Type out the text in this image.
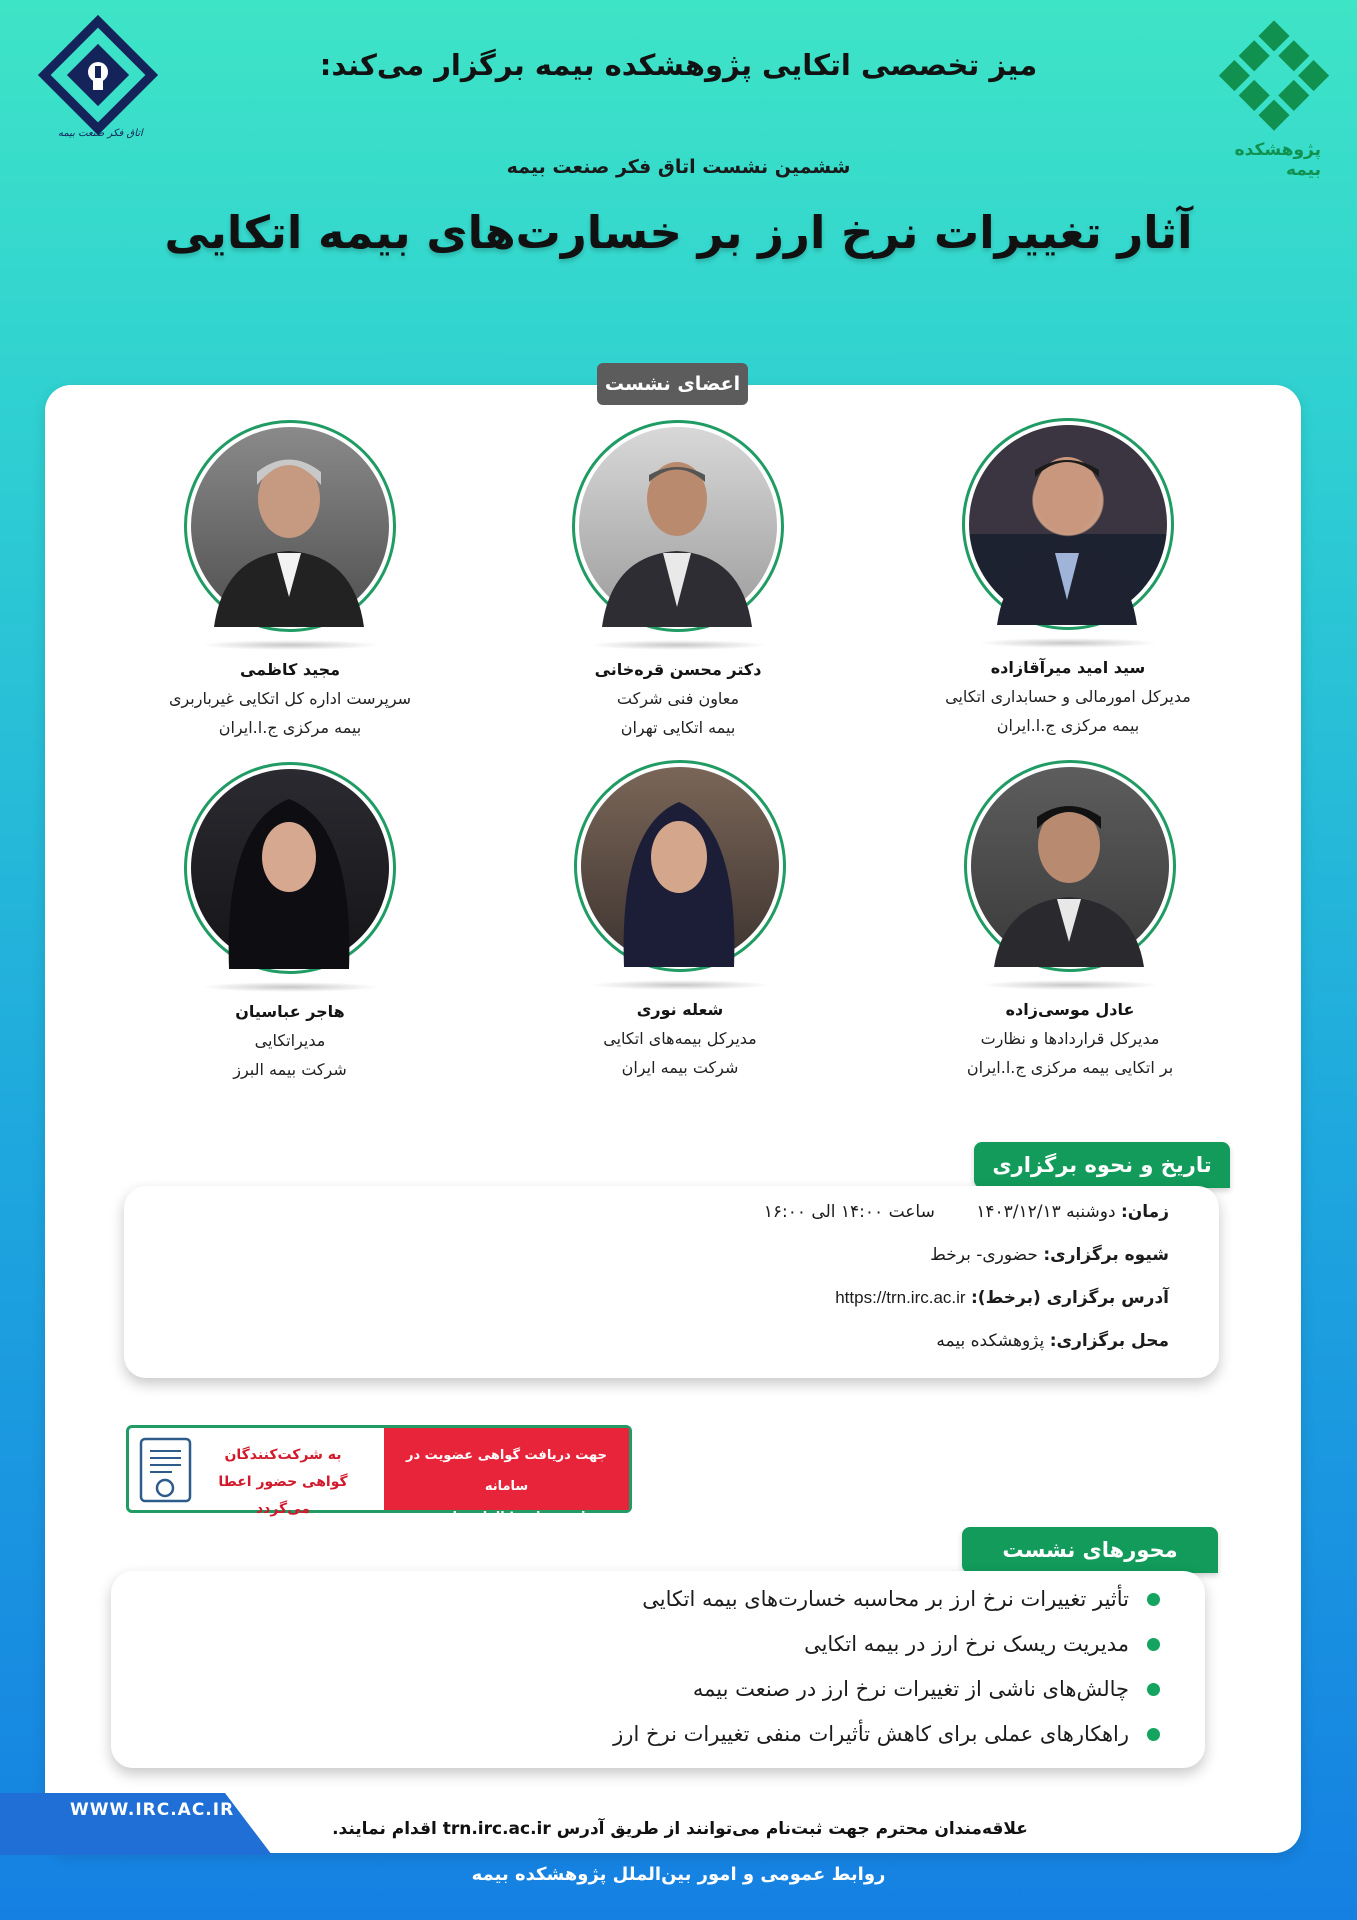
اتاق فکر صنعت بیمه
پژوهشکده بیمه
میز تخصصی اتکایی پژوهشکده بیمه برگزار می‌کند:
ششمین نشست اتاق فکر صنعت بیمه
آثار تغییرات نرخ ارز بر خسارت‌های بیمه اتکایی
اعضای نشست
سید امید میرآقازاده
مدیرکل امورمالی و حسابداری اتکایی
بیمه مرکزی ج.ا.ایران
دکتر محسن قره‌خانی
معاون فنی شرکت
بیمه اتکایی تهران
مجید کاظمی
سرپرست اداره کل اتکایی غیرباربری
بیمه مرکزی ج.ا.ایران
عادل موسی‌زاده
مدیرکل قراردادها و نظارت
بر اتکایی بیمه مرکزی ج.ا.ایران
شعله نوری
مدیرکل بیمه‌های اتکایی
شرکت بیمه ایران
هاجر عباسیان
مدیراتکایی
شرکت بیمه البرز
تاریخ و نحوه برگزاری
زمان: دوشنبه ۱۴۰۳/۱۲/۱۳ ساعت ۱۴:۰۰ الی ۱۶:۰۰
شیوه برگزاری: حضوری- برخط
آدرس برگزاری (برخط): https://trn.irc.ac.ir
محل برگزاری: پژوهشکده بیمه
جهت دریافت گواهی عضویت در سامانه
trn.irc.ac.ir الزامی است.
به شرکت‌کنندگان
گواهی حضور اعطا می‌گردد
محورهای نشست
تأثیر تغییرات نرخ ارز بر محاسبه خسارت‌های بیمه اتکایی
مدیریت ریسک نرخ ارز در بیمه اتکایی
چالش‌های ناشی از تغییرات نرخ ارز در صنعت بیمه
راهکارهای عملی برای کاهش تأثیرات منفی تغییرات نرخ ارز
علاقه‌مندان محترم جهت ثبت‌نام می‌توانند از طریق آدرس trn.irc.ac.ir اقدام نمایند.
WWW.IRC.AC.IR
روابط عمومی و امور بین‌الملل پژوهشکده بیمه
